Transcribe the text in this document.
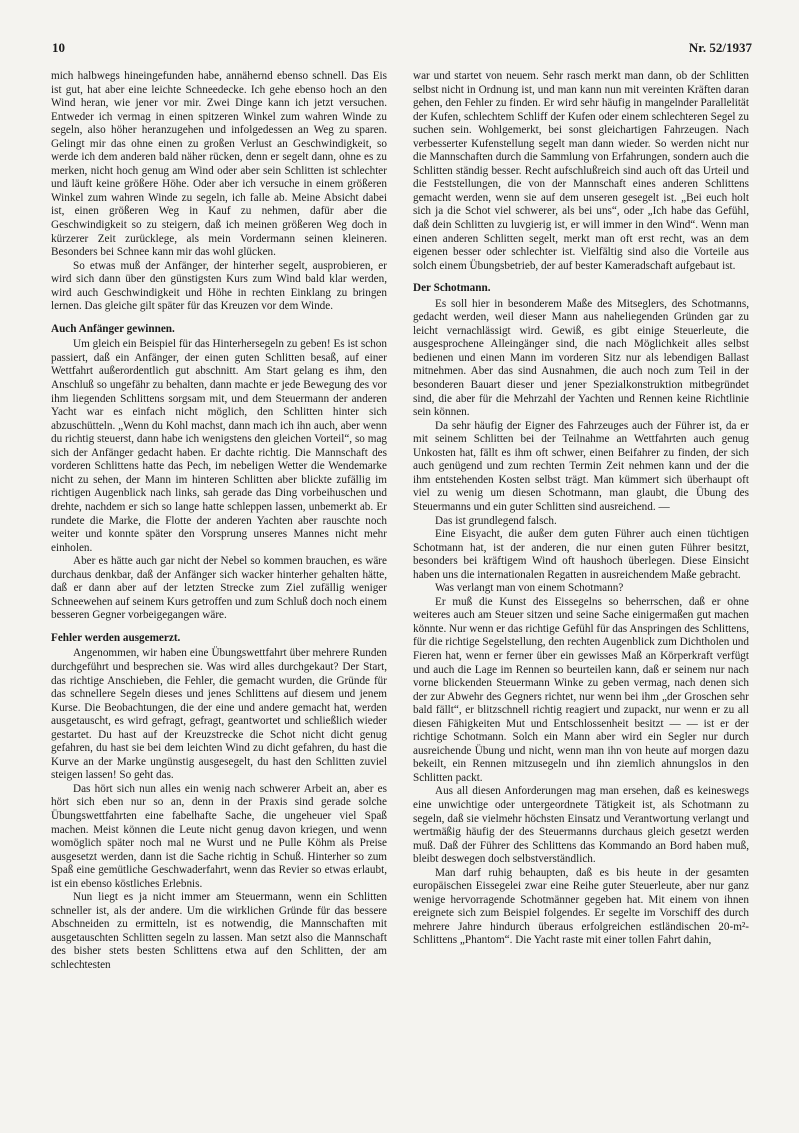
10	Nr. 52/1937

mich halbwegs hineingefunden habe, annähernd ebenso schnell. Das Eis ist gut, hat aber eine leichte Schneedecke. Ich gehe ebenso hoch an den Wind heran, wie jener vor mir. Zwei Dinge kann ich jetzt versuchen. Entweder ich vermag in einen spitzeren Winkel zum wahren Winde zu segeln, also höher heranzugehen und infolgedessen an Weg zu sparen. Gelingt mir das ohne einen zu großen Verlust an Geschwindigkeit, so werde ich dem anderen bald näher rücken, denn er segelt dann, ohne es zu merken, nicht hoch genug am Wind oder aber sein Schlitten ist schlechter und läuft keine größere Höhe. Oder aber ich versuche in einem größeren Winkel zum wahren Winde zu segeln, ich falle ab. Meine Absicht dabei ist, einen größeren Weg in Kauf zu nehmen, dafür aber die Geschwindigkeit so zu steigern, daß ich meinen größeren Weg doch in kürzerer Zeit zurücklege, als mein Vordermann seinen kleineren. Besonders bei Schnee kann mir das wohl glücken.

So etwas muß der Anfänger, der hinterher segelt, ausprobieren, er wird sich dann über den günstigsten Kurs zum Wind bald klar werden, wird auch Geschwindigkeit und Höhe in rechten Einklang zu bringen lernen. Das gleiche gilt später für das Kreuzen vor dem Winde.

Auch Anfänger gewinnen.

Um gleich ein Beispiel für das Hinterhersegeln zu geben! Es ist schon passiert, daß ein Anfänger, der einen guten Schlitten besaß, auf einer Wettfahrt außerordentlich gut abschnitt. Am Start gelang es ihm, den Anschluß so ungefähr zu behalten, dann machte er jede Bewegung des vor ihm liegenden Schlittens sorgsam mit, und dem Steuermann der anderen Yacht war es einfach nicht möglich, den Schlitten hinter sich abzuschütteln. „Wenn du Kohl machst, dann mach ich ihn auch, aber wenn du richtig steuerst, dann habe ich wenigstens den gleichen Vorteil“, so mag sich der Anfänger gedacht haben. Er dachte richtig. Die Mannschaft des vorderen Schlittens hatte das Pech, im nebeligen Wetter die Wendemarke nicht zu sehen, der Mann im hinteren Schlitten aber blickte zufällig im richtigen Augenblick nach links, sah gerade das Ding vorbeihuschen und drehte, nachdem er sich so lange hatte schleppen lassen, unbemerkt ab. Er rundete die Marke, die Flotte der anderen Yachten aber rauschte noch weiter und konnte später den Vorsprung unseres Mannes nicht mehr einholen.

Aber es hätte auch gar nicht der Nebel so kommen brauchen, es wäre durchaus denkbar, daß der Anfänger sich wacker hinterher gehalten hätte, daß er dann aber auf der letzten Strecke zum Ziel zufällig weniger Schneewehen auf seinem Kurs getroffen und zum Schluß doch noch einem besseren Gegner vorbeigegangen wäre.

Fehler werden ausgemerzt.

Angenommen, wir haben eine Übungswettfahrt über mehrere Runden durchgeführt und besprechen sie. Was wird alles durchgekaut? Der Start, das richtige Anschieben, die Fehler, die gemacht wurden, die Gründe für das schnellere Segeln dieses und jenes Schlittens auf diesem und jenem Kurse. Die Beobachtungen, die der eine und andere gemacht hat, werden ausgetauscht, es wird gefragt, gefragt, geantwortet und schließlich wieder gestartet. Du hast auf der Kreuzstrecke die Schot nicht dicht genug gefahren, du hast sie bei dem leichten Wind zu dicht gefahren, du hast die Kurve an der Marke ungünstig ausgesegelt, du hast den Schlitten zuviel steigen lassen! So geht das.

Das hört sich nun alles ein wenig nach schwerer Arbeit an, aber es hört sich eben nur so an, denn in der Praxis sind gerade solche Übungswettfahrten eine fabelhafte Sache, die ungeheuer viel Spaß machen. Meist können die Leute nicht genug davon kriegen, und wenn womöglich später noch mal ne Wurst und ne Pulle Köhm als Preise ausgesetzt werden, dann ist die Sache richtig in Schuß. Hinterher so zum Spaß eine gemütliche Geschwaderfahrt, wenn das Revier so etwas erlaubt, ist ein ebenso köstliches Erlebnis.

Nun liegt es ja nicht immer am Steuermann, wenn ein Schlitten schneller ist, als der andere. Um die wirklichen Gründe für das bessere Abschneiden zu ermitteln, ist es notwendig, die Mannschaften mit ausgetauschten Schlitten segeln zu lassen. Man setzt also die Mannschaft des bisher stets besten Schlittens etwa auf den Schlitten, der am schlechtesten

war und startet von neuem. Sehr rasch merkt man dann, ob der Schlitten selbst nicht in Ordnung ist, und man kann nun mit vereinten Kräften daran gehen, den Fehler zu finden. Er wird sehr häufig in mangelnder Parallelität der Kufen, schlechtem Schliff der Kufen oder einem schlechteren Segel zu suchen sein. Wohlgemerkt, bei sonst gleichartigen Fahrzeugen. Nach verbesserter Kufenstellung segelt man dann wieder. So werden nicht nur die Mannschaften durch die Sammlung von Erfahrungen, sondern auch die Schlitten ständig besser. Recht aufschlußreich sind auch oft das Urteil und die Feststellungen, die von der Mannschaft eines anderen Schlittens gemacht werden, wenn sie auf dem unseren gesegelt ist. „Bei euch holt sich ja die Schot viel schwerer, als bei uns“, oder „Ich habe das Gefühl, daß dein Schlitten zu luvgierig ist, er will immer in den Wind“. Wenn man einen anderen Schlitten segelt, merkt man oft erst recht, was an dem eigenen besser oder schlechter ist. Vielfältig sind also die Vorteile aus solch einem Übungsbetrieb, der auf bester Kameradschaft aufgebaut ist.

Der Schotmann.

Es soll hier in besonderem Maße des Mitseglers, des Schotmanns, gedacht werden, weil dieser Mann aus naheliegenden Gründen gar zu leicht vernachlässigt wird. Gewiß, es gibt einige Steuerleute, die ausgesprochene Alleingänger sind, die nach Möglichkeit alles selbst bedienen und einen Mann im vorderen Sitz nur als lebendigen Ballast mitnehmen. Aber das sind Ausnahmen, die auch noch zum Teil in der besonderen Bauart dieser und jener Spezialkonstruktion mitbegründet sind, die aber für die Mehrzahl der Yachten und Rennen keine Richtlinie sein können.

Da sehr häufig der Eigner des Fahrzeuges auch der Führer ist, da er mit seinem Schlitten bei der Teilnahme an Wettfahrten auch genug Unkosten hat, fällt es ihm oft schwer, einen Beifahrer zu finden, der sich auch genügend und zum rechten Termin Zeit nehmen kann und der die ihm entstehenden Kosten selbst trägt. Man kümmert sich überhaupt oft viel zu wenig um diesen Schotmann, man glaubt, die Übung des Steuermanns und ein guter Schlitten sind ausreichend. —

Das ist grundlegend falsch.

Eine Eisyacht, die außer dem guten Führer auch einen tüchtigen Schotmann hat, ist der anderen, die nur einen guten Führer besitzt, besonders bei kräftigem Wind oft haushoch überlegen. Diese Einsicht haben uns die internationalen Regatten in ausreichendem Maße gebracht.

Was verlangt man von einem Schotmann?

Er muß die Kunst des Eissegelns so beherrschen, daß er ohne weiteres auch am Steuer sitzen und seine Sache einigermaßen gut machen könnte. Nur wenn er das richtige Gefühl für das Anspringen des Schlittens, für die richtige Segelstellung, den rechten Augenblick zum Dichtholen und Fieren hat, wenn er ferner über ein gewisses Maß an Körperkraft verfügt und auch die Lage im Rennen so beurteilen kann, daß er seinem nur nach vorne blickenden Steuermann Winke zu geben vermag, nach denen sich der zur Abwehr des Gegners richtet, nur wenn bei ihm „der Groschen sehr bald fällt“, er blitzschnell richtig reagiert und zupackt, nur wenn er zu all diesen Fähigkeiten Mut und Entschlossenheit besitzt — — ist er der richtige Schotmann. Solch ein Mann aber wird ein Segler nur durch ausreichende Übung und nicht, wenn man ihn von heute auf morgen dazu bekeilt, ein Rennen mitzusegeln und ihn ziemlich ahnungslos in den Schlitten packt.

Aus all diesen Anforderungen mag man ersehen, daß es keineswegs eine unwichtige oder untergeordnete Tätigkeit ist, als Schotmann zu segeln, daß sie vielmehr höchsten Einsatz und Verantwortung verlangt und wertmäßig häufig der des Steuermanns durchaus gleich gesetzt werden muß. Daß der Führer des Schlittens das Kommando an Bord haben muß, bleibt deswegen doch selbstverständlich.

Man darf ruhig behaupten, daß es bis heute in der gesamten europäischen Eissegelei zwar eine Reihe guter Steuerleute, aber nur ganz wenige hervorragende Schotmänner gegeben hat. Mit einem von ihnen ereignete sich zum Beispiel folgendes. Er segelte im Vorschiff des durch mehrere Jahre hindurch überaus erfolgreichen estländischen 20-m²-Schlittens „Phantom“. Die Yacht raste mit einer tollen Fahrt dahin,
